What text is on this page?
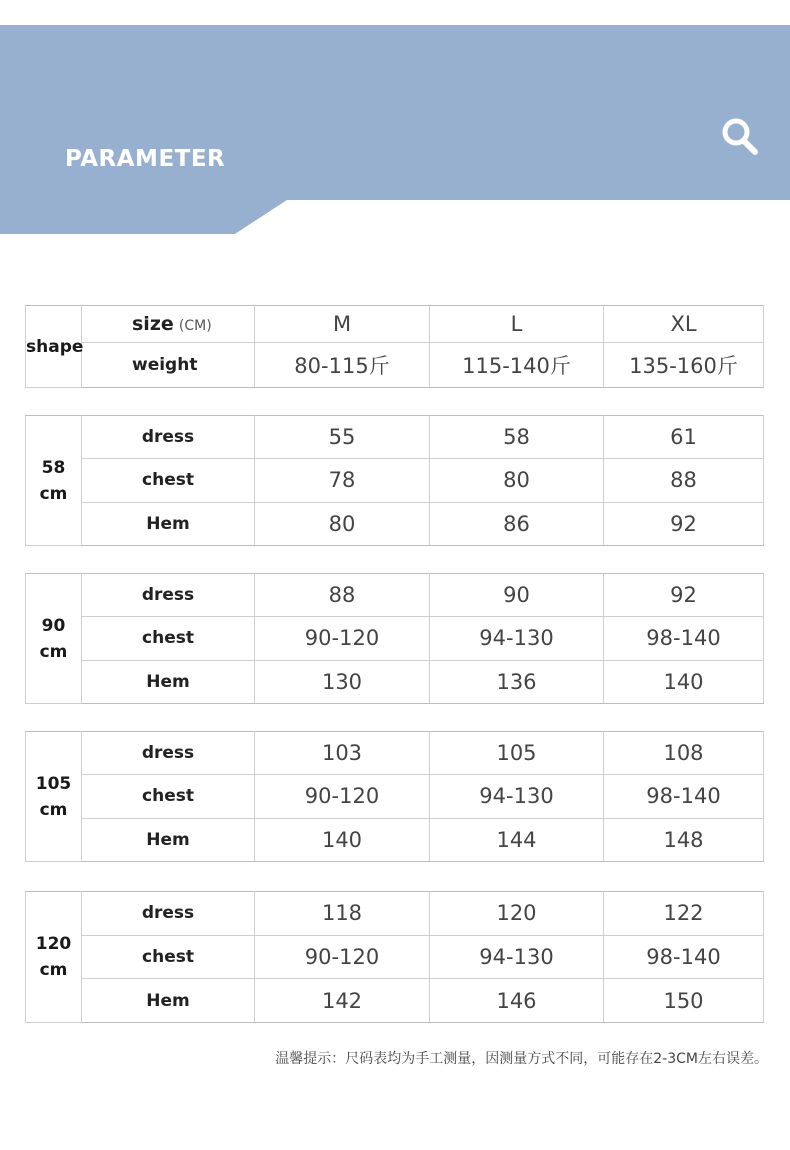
PARAMETER
shape	size (CM)	M	L	XL
	weight	80-115斤	115-140斤	135-160斤
58
cm	dress	55	58	61
	chest	78	80	88
	Hem	80	86	92
90
cm	dress	88	90	92
	chest	90-120	94-130	98-140
	Hem	130	136	140
105
cm	dress	103	105	108
	chest	90-120	94-130	98-140
	Hem	140	144	148
120
cm	dress	118	120	122
	chest	90-120	94-130	98-140
	Hem	142	146	150
温馨提示：尺码表均为手工测量，因测量方式不同，可能存在2-3CM左右误差。
